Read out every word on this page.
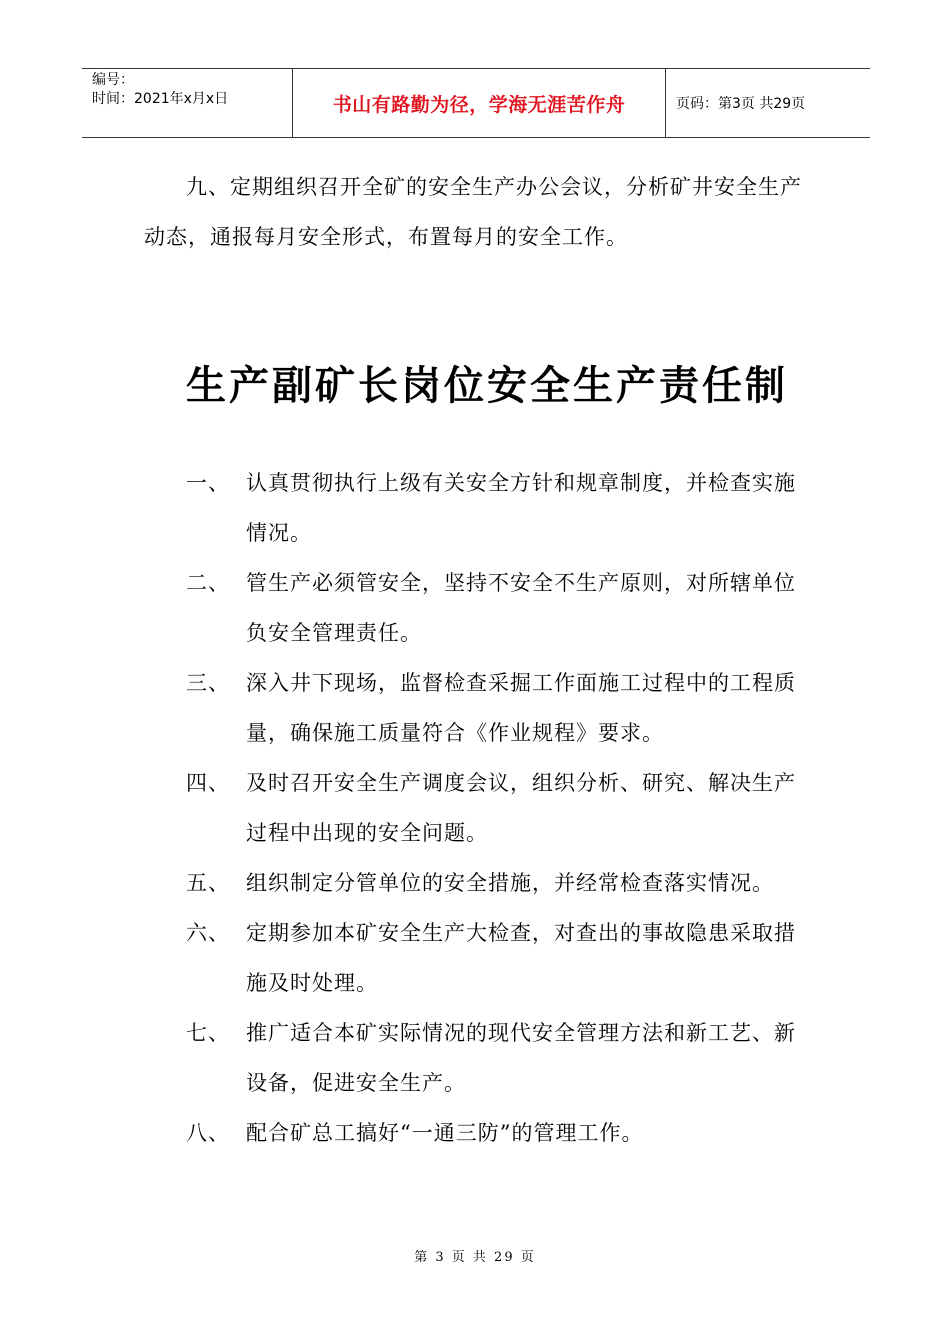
编号：
时间：2021年x月x日	书山有路勤为径，学海无涯苦作舟	页码：第3页 共29页
九、定期组织召开全矿的安全生产办公会议，分析矿井安全生产动态，通报每月安全形式，布置每月的安全工作。
生产副矿长岗位安全生产责任制
一、 认真贯彻执行上级有关安全方针和规章制度，并检查实施情况。
二、 管生产必须管安全，坚持不安全不生产原则，对所辖单位负安全管理责任。
三、 深入井下现场，监督检查采掘工作面施工过程中的工程质量，确保施工质量符合《作业规程》要求。
四、 及时召开安全生产调度会议，组织分析、研究、解决生产过程中出现的安全问题。
五、 组织制定分管单位的安全措施，并经常检查落实情况。
六、 定期参加本矿安全生产大检查，对查出的事故隐患采取措施及时处理。
七、 推广适合本矿实际情况的现代安全管理方法和新工艺、新设备，促进安全生产。
八、 配合矿总工搞好“一通三防”的管理工作。
第 3 页 共 29 页
